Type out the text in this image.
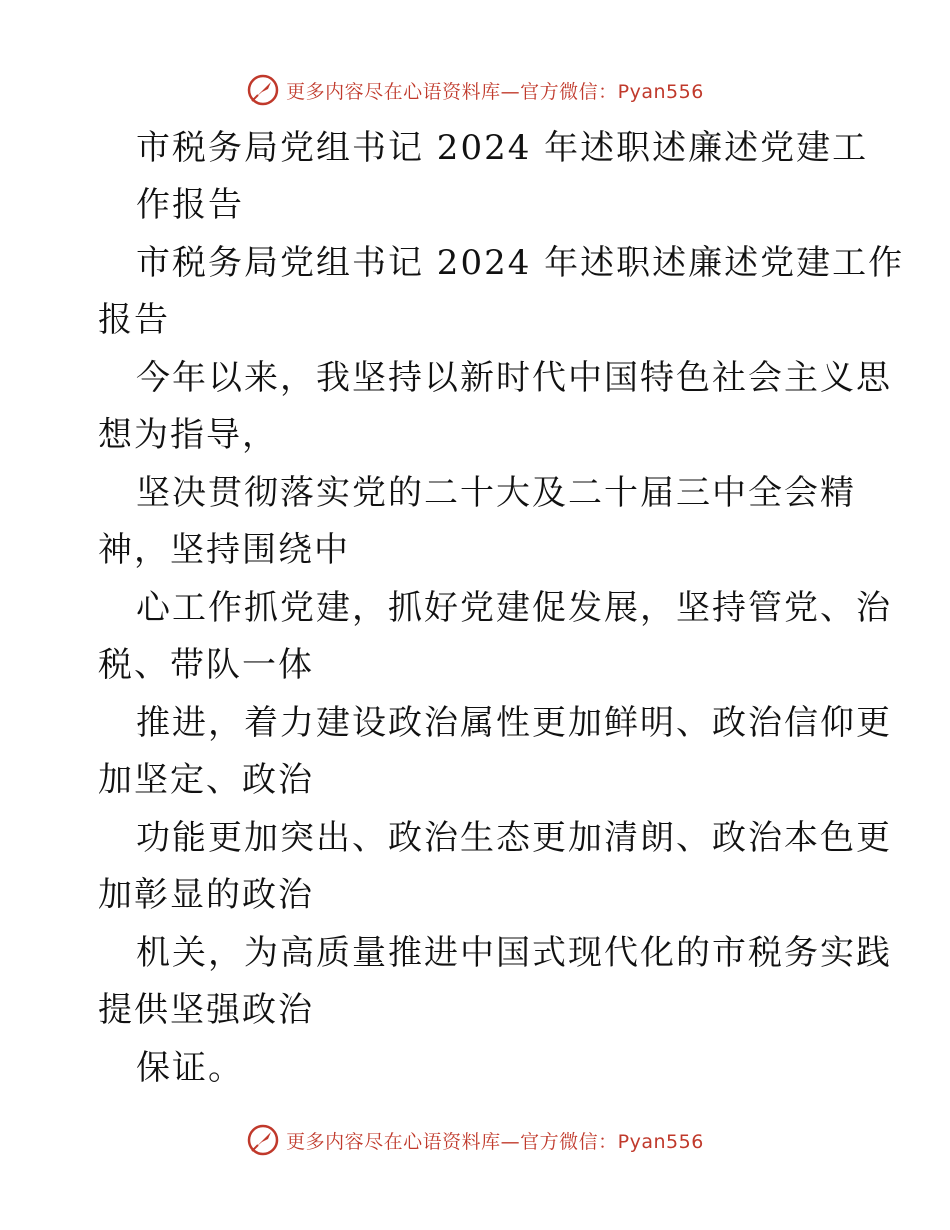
更多内容尽在心语资料库—官方微信：Pyan556
市税务局党组书记 2024 年述职述廉述党建工
作报告
市税务局党组书记 2024 年述职述廉述党建工作
报告
今年以来，我坚持以新时代中国特色社会主义思
想为指导，
坚决贯彻落实党的二十大及二十届三中全会精
神，坚持围绕中
心工作抓党建，抓好党建促发展，坚持管党、治
税、带队一体
推进，着力建设政治属性更加鲜明、政治信仰更
加坚定、政治
功能更加突出、政治生态更加清朗、政治本色更
加彰显的政治
机关，为高质量推进中国式现代化的市税务实践
提供坚强政治
保证。
更多内容尽在心语资料库—官方微信：Pyan556
